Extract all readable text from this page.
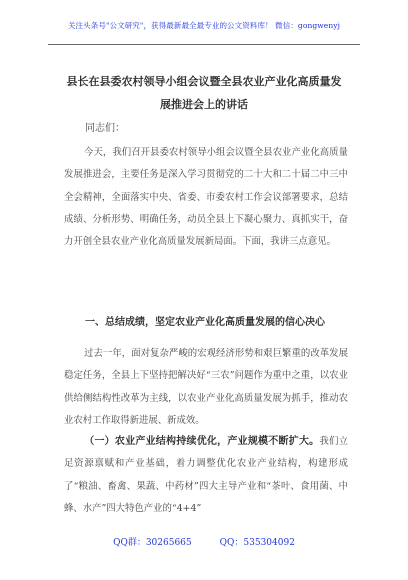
关注头条号"公文研究"，获得最新最全最专业的公文资料库！ 微信：gongwenyj
县长在县委农村领导小组会议暨全县农业产业化高质量发展推进会上的讲话
同志们：
今天，我们召开县委农村领导小组会议暨全县农业产业化高质量发展推进会，主要任务是深入学习贯彻党的二十大和二十届二中三中全会精神，全面落实中央、省委、市委农村工作会议部署要求，总结成绩、分析形势、明确任务，动员全县上下凝心聚力、真抓实干，奋力开创全县农业产业化高质量发展新局面。下面，我讲三点意见。
一、总结成绩，坚定农业产业化高质量发展的信心决心
过去一年，面对复杂严峻的宏观经济形势和艰巨繁重的改革发展稳定任务，全县上下坚持把解决好“三农”问题作为重中之重，以农业供给侧结构性改革为主线，以农业产业化高质量发展为抓手，推动农业农村工作取得新进展、新成效。
（一）农业产业结构持续优化，产业规模不断扩大。我们立足资源禀赋和产业基础，着力调整优化农业产业结构，构建形成了“粮油、畜禽、果蔬、中药材”四大主导产业和“茶叶、食用菌、中蜂、水产”四大特色产业的“4+4”
QQ群：30265665	QQ：535304092
